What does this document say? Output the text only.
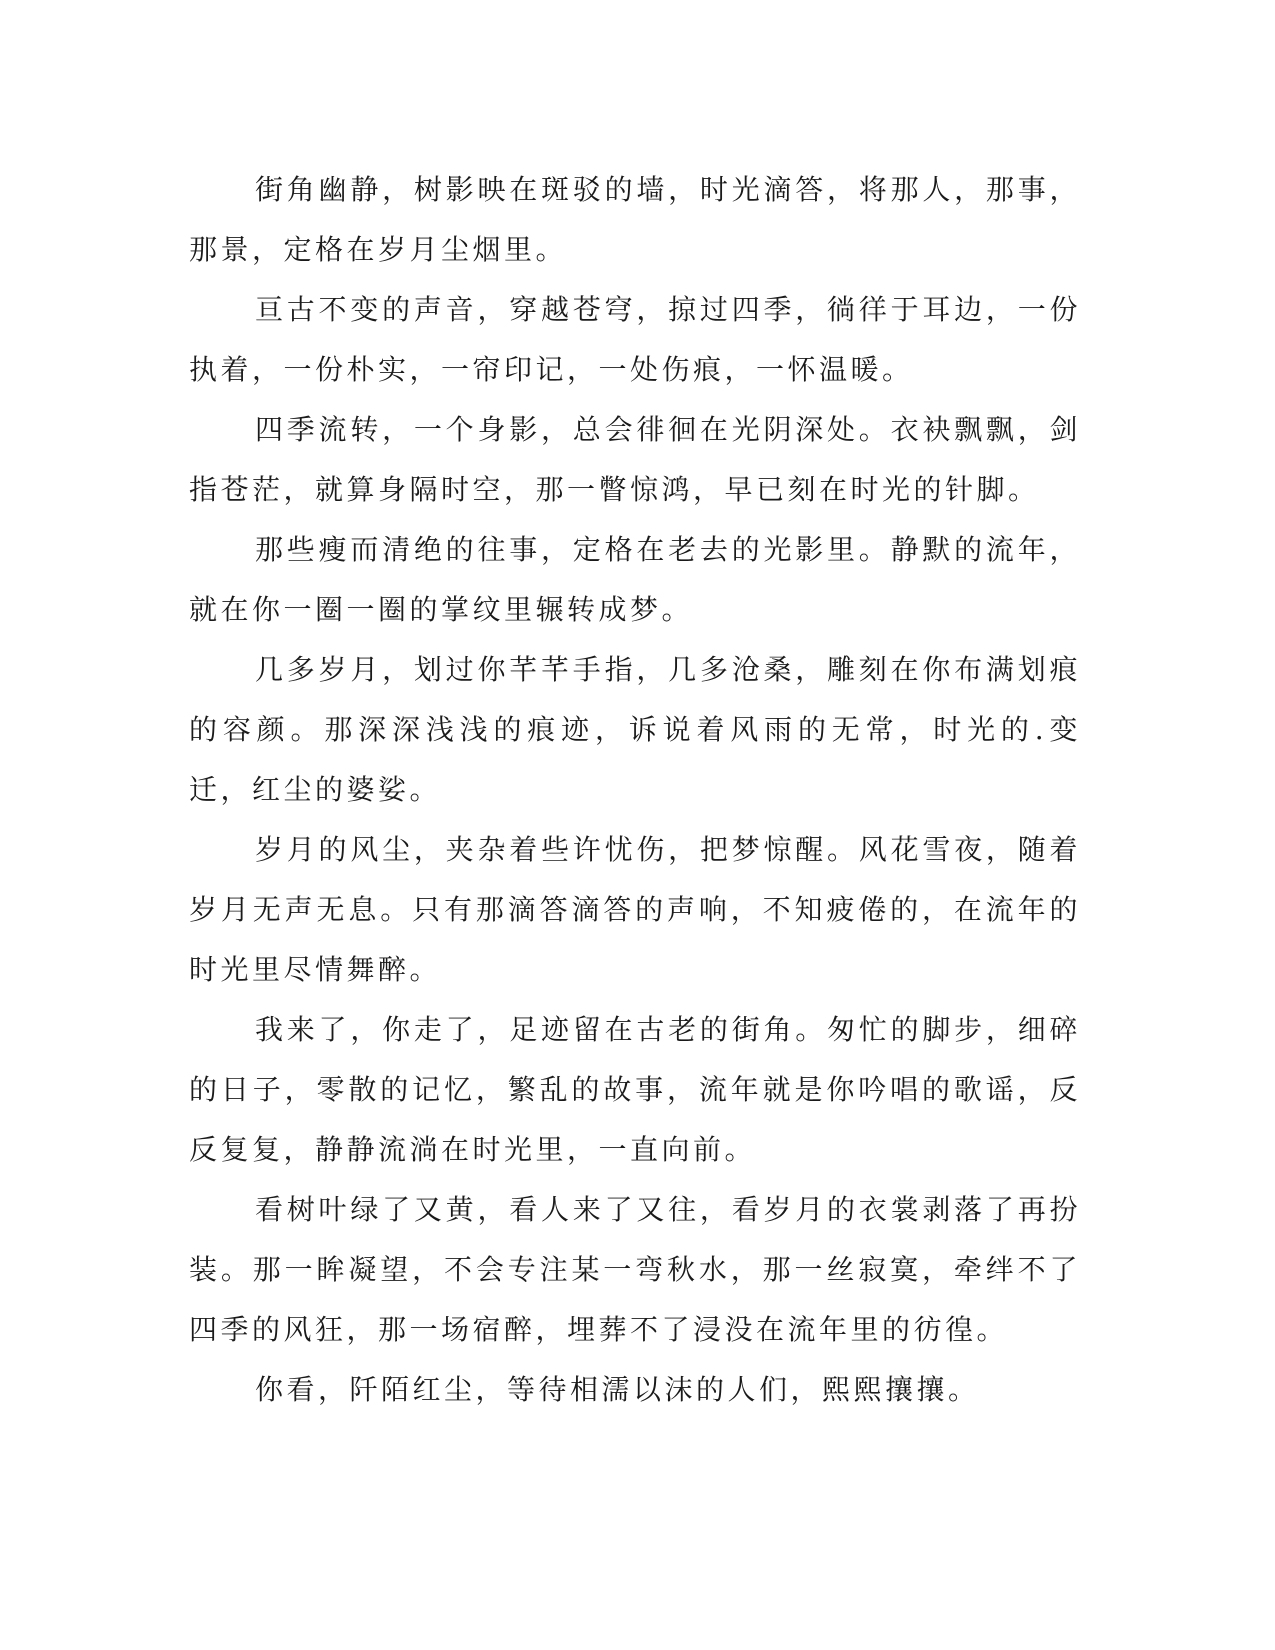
街角幽静，树影映在斑驳的墙，时光滴答，将那人，那事，那景，定格在岁月尘烟里。

亘古不变的声音，穿越苍穹，掠过四季，徜徉于耳边，一份执着，一份朴实，一帘印记，一处伤痕，一怀温暖。

四季流转，一个身影，总会徘徊在光阴深处。衣袂飘飘，剑指苍茫，就算身隔时空，那一瞥惊鸿，早已刻在时光的针脚。

那些瘦而清绝的往事，定格在老去的光影里。静默的流年，就在你一圈一圈的掌纹里辗转成梦。

几多岁月，划过你芊芊手指，几多沧桑，雕刻在你布满划痕的容颜。那深深浅浅的痕迹，诉说着风雨的无常，时光的.变迁，红尘的婆娑。

岁月的风尘，夹杂着些许忧伤，把梦惊醒。风花雪夜，随着岁月无声无息。只有那滴答滴答的声响，不知疲倦的，在流年的时光里尽情舞醉。

我来了，你走了，足迹留在古老的街角。匆忙的脚步，细碎的日子，零散的记忆，繁乱的故事，流年就是你吟唱的歌谣，反反复复，静静流淌在时光里，一直向前。

看树叶绿了又黄，看人来了又往，看岁月的衣裳剥落了再扮装。那一眸凝望，不会专注某一弯秋水，那一丝寂寞，牵绊不了四季的风狂，那一场宿醉，埋葬不了浸没在流年里的彷徨。

你看，阡陌红尘，等待相濡以沫的人们，熙熙攘攘。
